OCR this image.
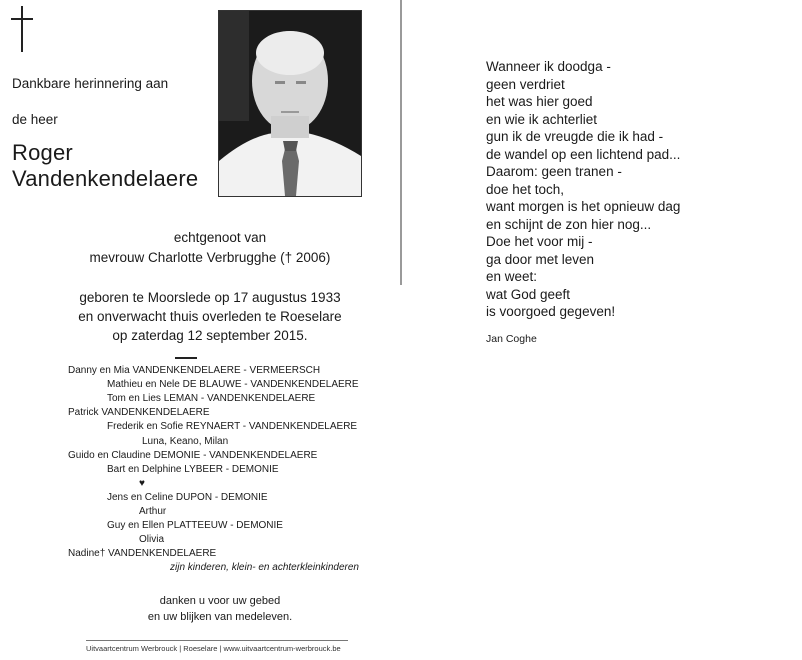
Dankbare herinnering aan
de heer
Roger
Vandenkendelaere
echtgenoot van
mevrouw Charlotte Verbrugghe († 2006)
geboren te Moorslede op 17 augustus 1933
en onverwacht thuis overleden te Roeselare
op zaterdag 12 september 2015.
Danny en Mia VANDENKENDELAERE - VERMEERSCH
Mathieu en Nele DE BLAUWE - VANDENKENDELAERE
Tom en Lies LEMAN - VANDENKENDELAERE
Patrick VANDENKENDELAERE
Frederik en Sofie REYNAERT - VANDENKENDELAERE
Luna, Keano, Milan
Guido en Claudine DEMONIE - VANDENKENDELAERE
Bart en Delphine LYBEER - DEMONIE
♥
Jens en Celine DUPON - DEMONIE
Arthur
Guy en Ellen PLATTEEUW - DEMONIE
Olivia
Nadine† VANDENKENDELAERE
zijn kinderen, klein- en achterkleinkinderen
danken u voor uw gebed
en uw blijken van medeleven.
Uitvaartcentrum Werbrouck | Roeselare | www.uitvaartcentrum-werbrouck.be
Wanneer ik doodga -
geen verdriet
het was hier goed
en wie ik achterliet
gun ik de vreugde die ik had -
de wandel op een lichtend pad...
Daarom: geen tranen -
doe het toch,
want morgen is het opnieuw dag
en schijnt de zon hier nog...
Doe het voor mij -
ga door met leven
en weet:
wat God geeft
is voorgoed gegeven!
Jan Coghe
